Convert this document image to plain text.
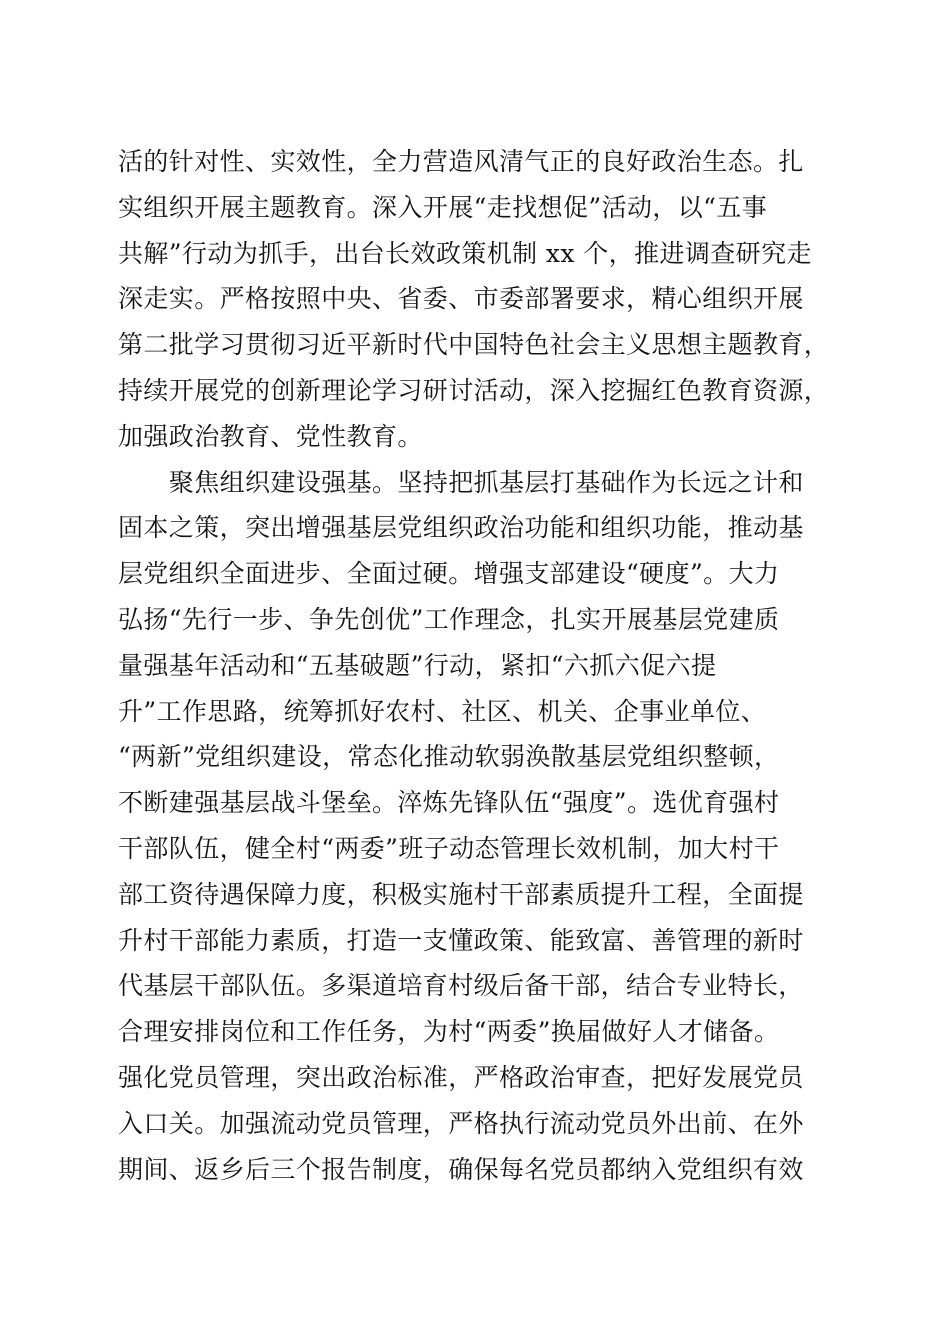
活的针对性、实效性，全力营造风清气正的良好政治生态。扎
实组织开展主题教育。深入开展“走找想促”活动，以“五事
共解”行动为抓手，出台长效政策机制 xx 个，推进调查研究走
深走实。严格按照中央、省委、市委部署要求，精心组织开展
第二批学习贯彻习近平新时代中国特色社会主义思想主题教育，
持续开展党的创新理论学习研讨活动，深入挖掘红色教育资源，
加强政治教育、党性教育。
　　聚焦组织建设强基。坚持把抓基层打基础作为长远之计和
固本之策，突出增强基层党组织政治功能和组织功能，推动基
层党组织全面进步、全面过硬。增强支部建设“硬度”。大力
弘扬“先行一步、争先创优”工作理念，扎实开展基层党建质
量强基年活动和“五基破题”行动，紧扣“六抓六促六提
升”工作思路，统筹抓好农村、社区、机关、企事业单位、
“两新”党组织建设，常态化推动软弱涣散基层党组织整顿，
不断建强基层战斗堡垒。淬炼先锋队伍“强度”。选优育强村
干部队伍，健全村“两委”班子动态管理长效机制，加大村干
部工资待遇保障力度，积极实施村干部素质提升工程，全面提
升村干部能力素质，打造一支懂政策、能致富、善管理的新时
代基层干部队伍。多渠道培育村级后备干部，结合专业特长，
合理安排岗位和工作任务，为村“两委”换届做好人才储备。
强化党员管理，突出政治标准，严格政治审查，把好发展党员
入口关。加强流动党员管理，严格执行流动党员外出前、在外
期间、返乡后三个报告制度，确保每名党员都纳入党组织有效
